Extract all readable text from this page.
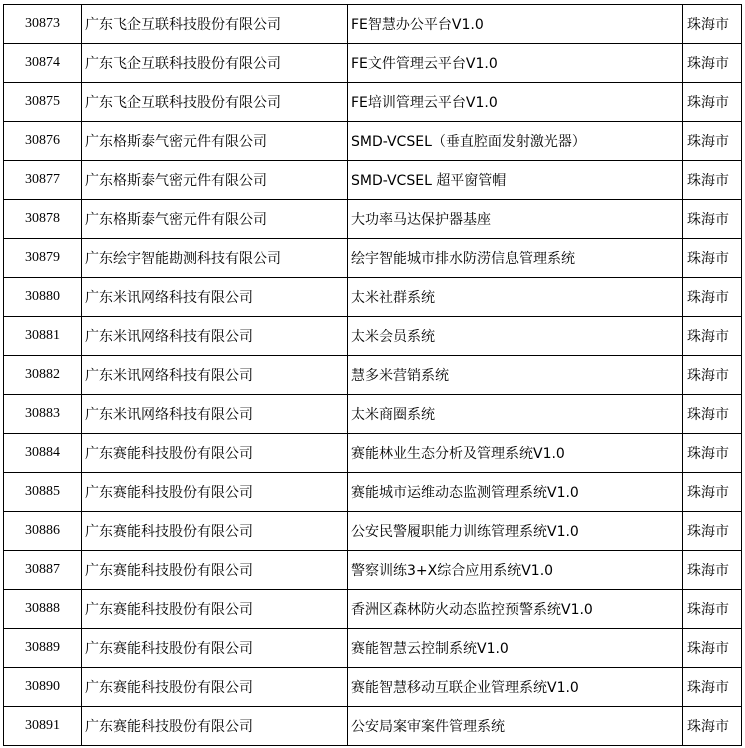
30873	广东飞企互联科技股份有限公司	FE智慧办公平台V1.0	珠海市
30874	广东飞企互联科技股份有限公司	FE文件管理云平台V1.0	珠海市
30875	广东飞企互联科技股份有限公司	FE培训管理云平台V1.0	珠海市
30876	广东格斯泰气密元件有限公司	SMD-VCSEL（垂直腔面发射激光器）	珠海市
30877	广东格斯泰气密元件有限公司	SMD-VCSEL 超平窗管帽	珠海市
30878	广东格斯泰气密元件有限公司	大功率马达保护器基座	珠海市
30879	广东绘宇智能勘测科技有限公司	绘宇智能城市排水防涝信息管理系统	珠海市
30880	广东米讯网络科技有限公司	太米社群系统	珠海市
30881	广东米讯网络科技有限公司	太米会员系统	珠海市
30882	广东米讯网络科技有限公司	慧多米营销系统	珠海市
30883	广东米讯网络科技有限公司	太米商圈系统	珠海市
30884	广东赛能科技股份有限公司	赛能林业生态分析及管理系统V1.0	珠海市
30885	广东赛能科技股份有限公司	赛能城市运维动态监测管理系统V1.0	珠海市
30886	广东赛能科技股份有限公司	公安民警履职能力训练管理系统V1.0	珠海市
30887	广东赛能科技股份有限公司	警察训练3+X综合应用系统V1.0	珠海市
30888	广东赛能科技股份有限公司	香洲区森林防火动态监控预警系统V1.0	珠海市
30889	广东赛能科技股份有限公司	赛能智慧云控制系统V1.0	珠海市
30890	广东赛能科技股份有限公司	赛能智慧移动互联企业管理系统V1.0	珠海市
30891	广东赛能科技股份有限公司	公安局案审案件管理系统	珠海市
